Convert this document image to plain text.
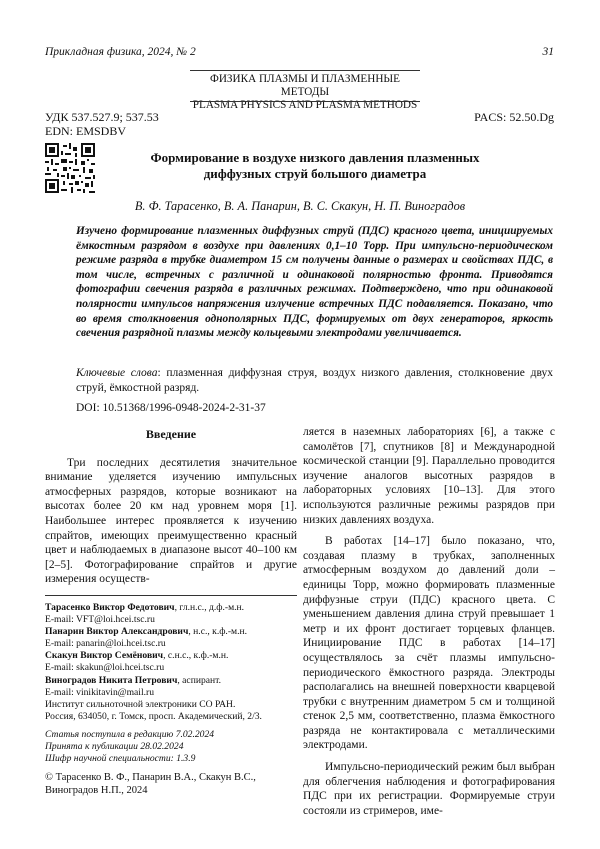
Прикладная физика, 2024, № 2	31
ФИЗИКА ПЛАЗМЫ И ПЛАЗМЕННЫЕ МЕТОДЫ
PLASMA PHYSICS AND PLASMA METHODS
УДК 537.527.9; 537.53
EDN: EMSDBV
PACS: 52.50.Dg
Формирование в воздухе низкого давления плазменных
диффузных струй большого диаметра
В. Ф. Тарасенко, В. А. Панарин, В. С. Скакун, Н. П. Виноградов
Изучено формирование плазменных диффузных струй (ПДС) красного цвета, инициируемых ёмкостным разрядом в воздухе при давлениях 0,1–10 Торр. При импульсно-периодическом режиме разряда в трубке диаметром 15 см получены данные о размерах и свойствах ПДС, в том числе, встречных с различной и одинаковой полярностью фронта. Приводятся фотографии свечения разряда в различных режимах. Подтверждено, что при одинаковой полярности импульсов напряжения излучение встречных ПДС подавляется. Показано, что во время столкновения однополярных ПДС, формируемых от двух генераторов, яркость свечения разрядной плазмы между кольцевыми электродами увеличивается.
Ключевые слова: плазменная диффузная струя, воздух низкого давления, столкновение двух струй, ёмкостной разряд.
DOI: 10.51368/1996-0948-2024-2-31-37

Введение

Три последних десятилетия значительное внимание уделяется изучению импульсных атмосферных разрядов, которые возникают на высотах более 20 км над уровнем моря [1]. Наибольшее интерес проявляется к изучению спрайтов, имеющих преимущественно красный цвет и наблюдаемых в диапазоне высот 40–100 км [2–5]. Фотографирование спрайтов и другие измерения осуществ-

ляется в наземных лабораториях [6], а также с самолётов [7], спутников [8] и Международной космической станции [9]. Параллельно проводится изучение аналогов высотных разрядов в лабораторных условиях [10–13]. Для этого используются различные режимы разрядов при низких давлениях воздуха.

В работах [14–17] было показано, что, создавая плазму в трубках, заполненных атмосферным воздухом до давлений доли – единицы Торр, можно формировать плазменные диффузные струи (ПДС) красного цвета. С уменьшением давления длина струй превышает 1 метр и их фронт достигает торцевых фланцев. Инициирование ПДС в работах [14–17] осуществлялось за счёт плазмы импульсно-периодического ёмкостного разряда. Электроды располагались на внешней поверхности кварцевой трубки с внутренним диаметром 5 см и толщиной стенок 2,5 мм, соответственно, плазма ёмкостного разряда не контактировала с металлическими электродами.

Импульсно-периодический режим был выбран для облегчения наблюдения и фотографирования ПДС при их регистрации. Формируемые струи состояли из стримеров, име-

Тарасенко Виктор Федотович, гл.н.с., д.ф.-м.н.
E-mail: VFT@loi.hcei.tsc.ru
Панарин Виктор Александрович, н.с., к.ф.-м.н.
E-mail: panarin@loi.hcei.tsc.ru
Скакун Виктор Семёнович, с.н.с., к.ф.-м.н.
E-mail: skakun@loi.hcei.tsc.ru
Виноградов Никита Петрович, аспирант.
E-mail: vinikitavin@mail.ru
Институт сильноточной электроники СО РАН.
Россия, 634050, г. Томск, просп. Академический, 2/3.
Статья поступила в редакцию 7.02.2024
Принята к публикации 28.02.2024
Шифр научной специальности: 1.3.9
© Тарасенко В. Ф., Панарин В.А., Скакун В.С.,
Виноградов Н.П., 2024
